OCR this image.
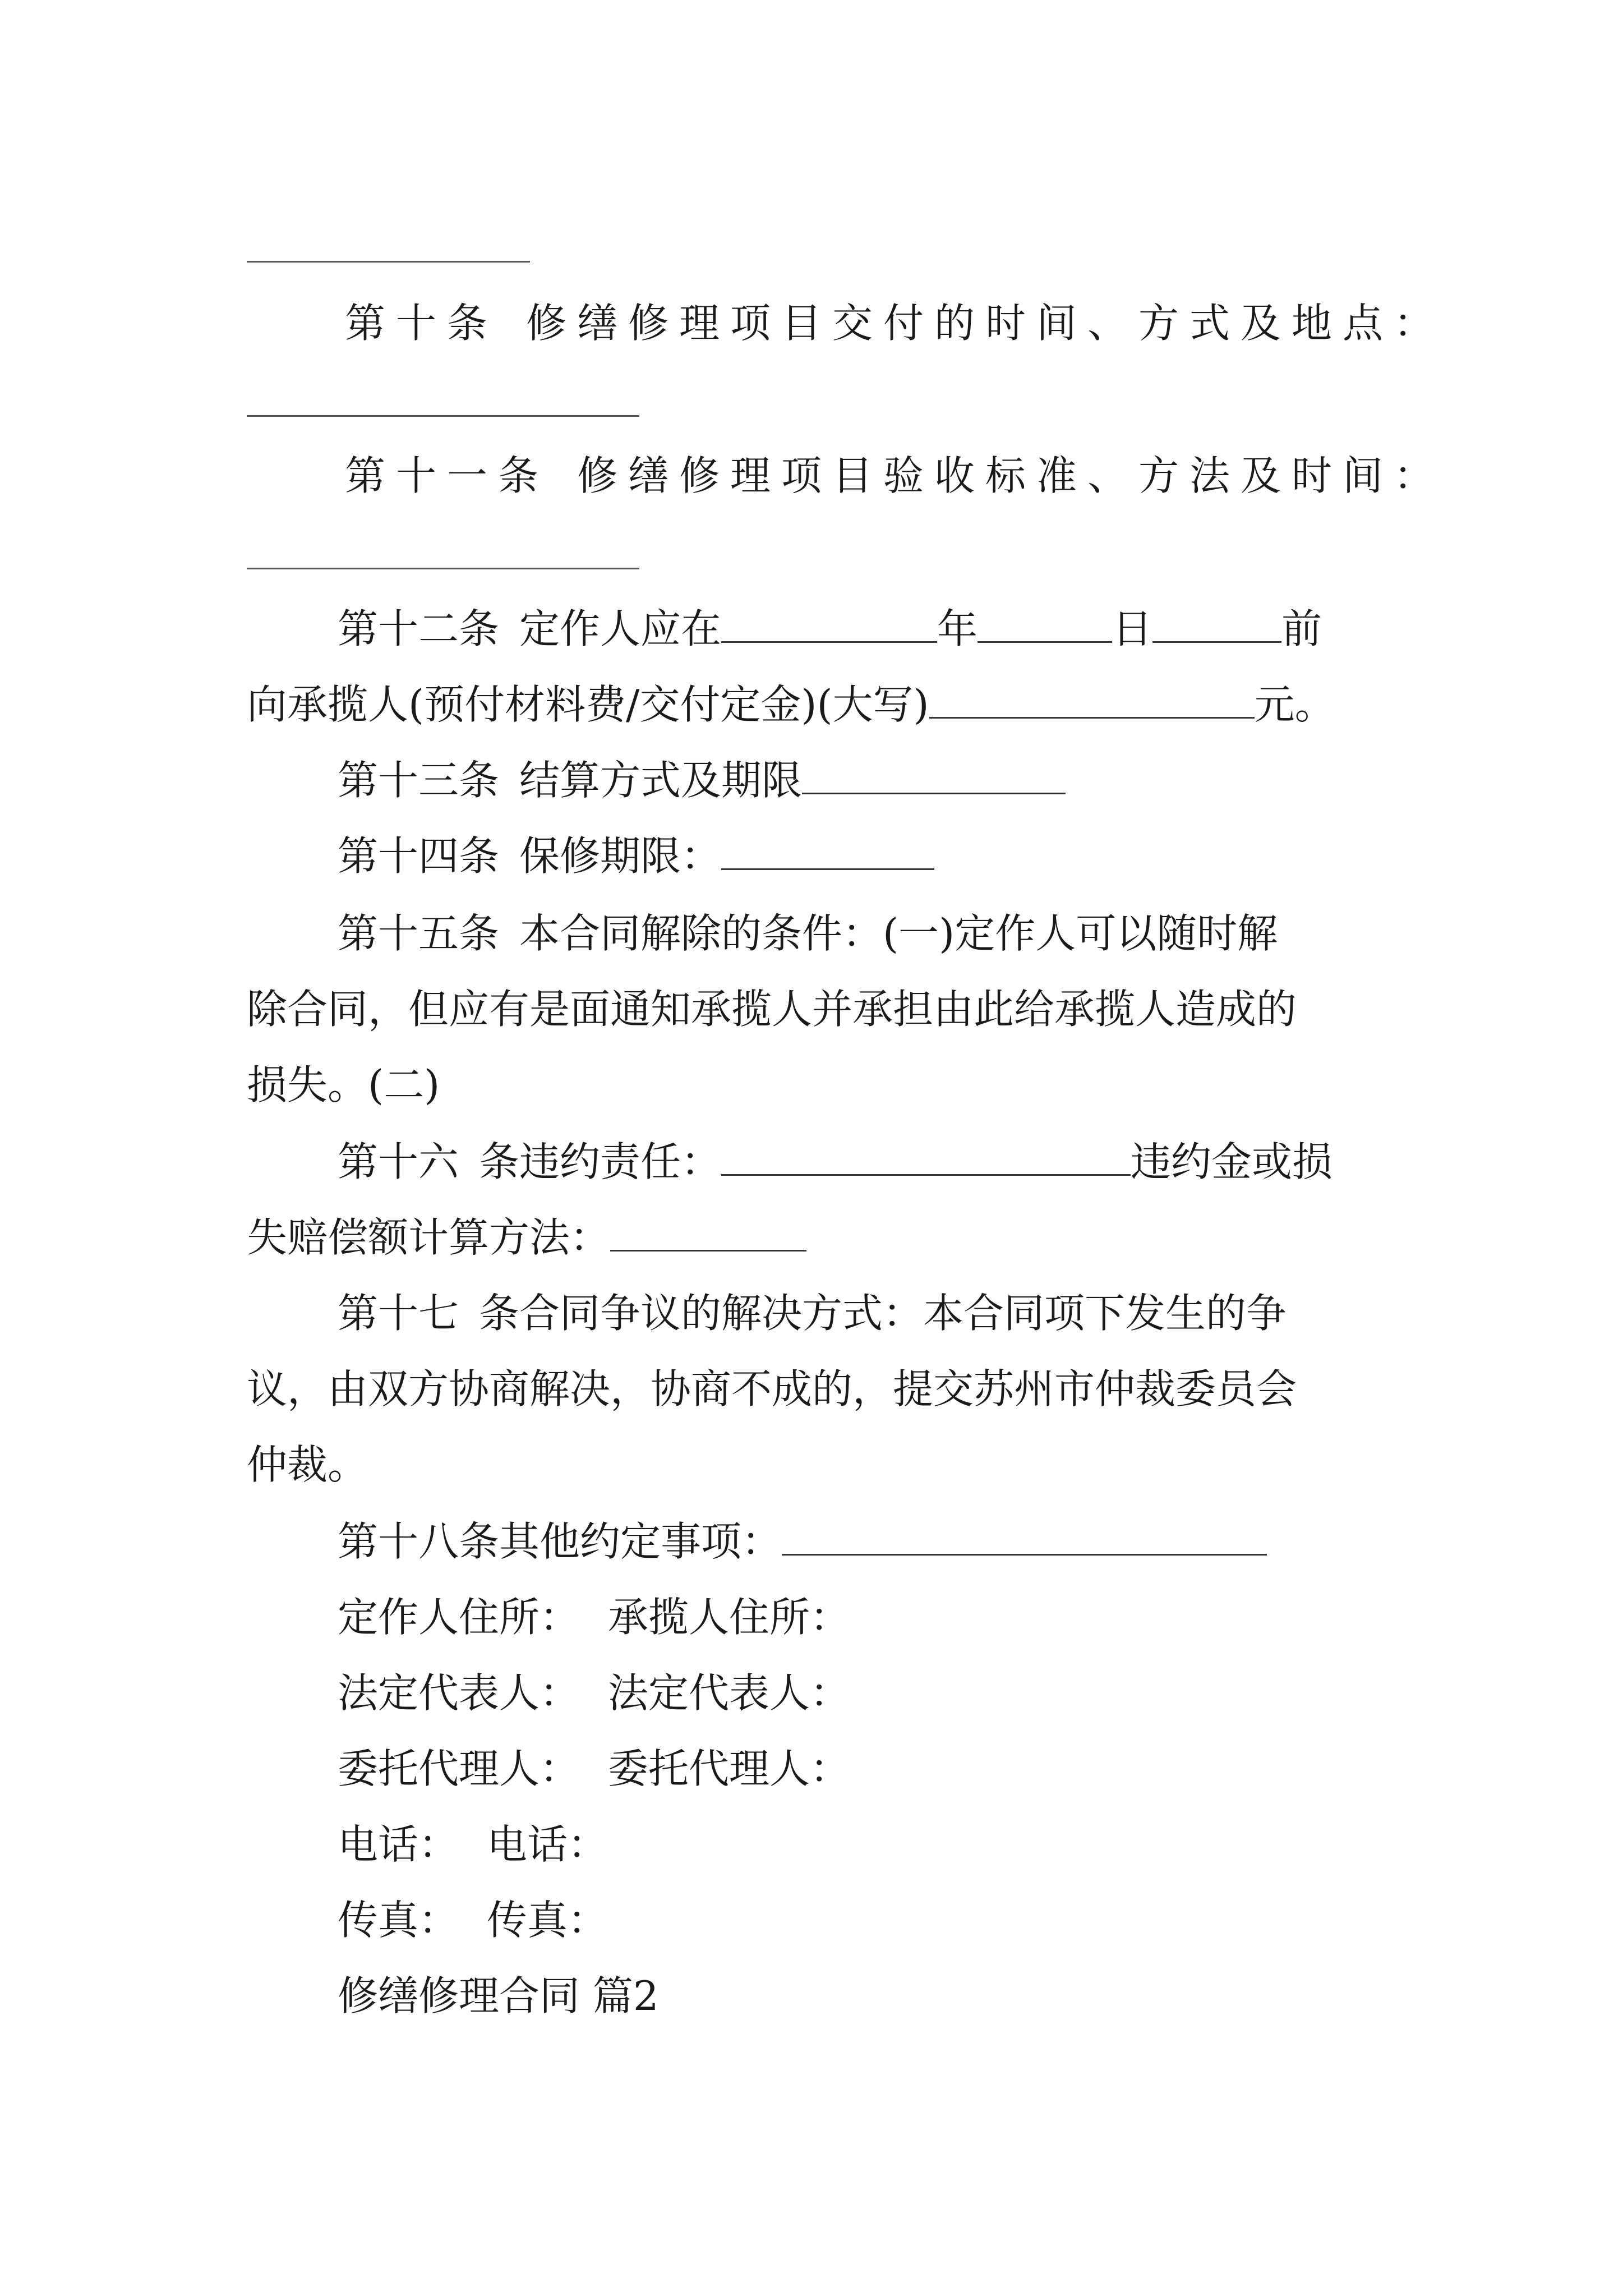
第十条 修缮修理项目交付的时间、方式及地点：
第十一条 修缮修理项目验收标准、方法及时间：
第十二条 定作人应在	年	日	前
向承揽人(预付材料费/交付定金)(大写)	元。
第十三条 结算方式及期限
第十四条 保修期限：
第十五条 本合同解除的条件：(一)定作人可以随时解
除合同，但应有是面通知承揽人并承担由此给承揽人造成的
损失。(二)
第十六 条违约责任：	违约金或损
失赔偿额计算方法：
第十七 条合同争议的解决方式：本合同项下发生的争
议，由双方协商解决，协商不成的，提交苏州市仲裁委员会
仲裁。
第十八条其他约定事项：
定作人住所： 承揽人住所：
法定代表人： 法定代表人：
委托代理人： 委托代理人：
电话： 电话：
传真： 传真：
修缮修理合同 篇2
